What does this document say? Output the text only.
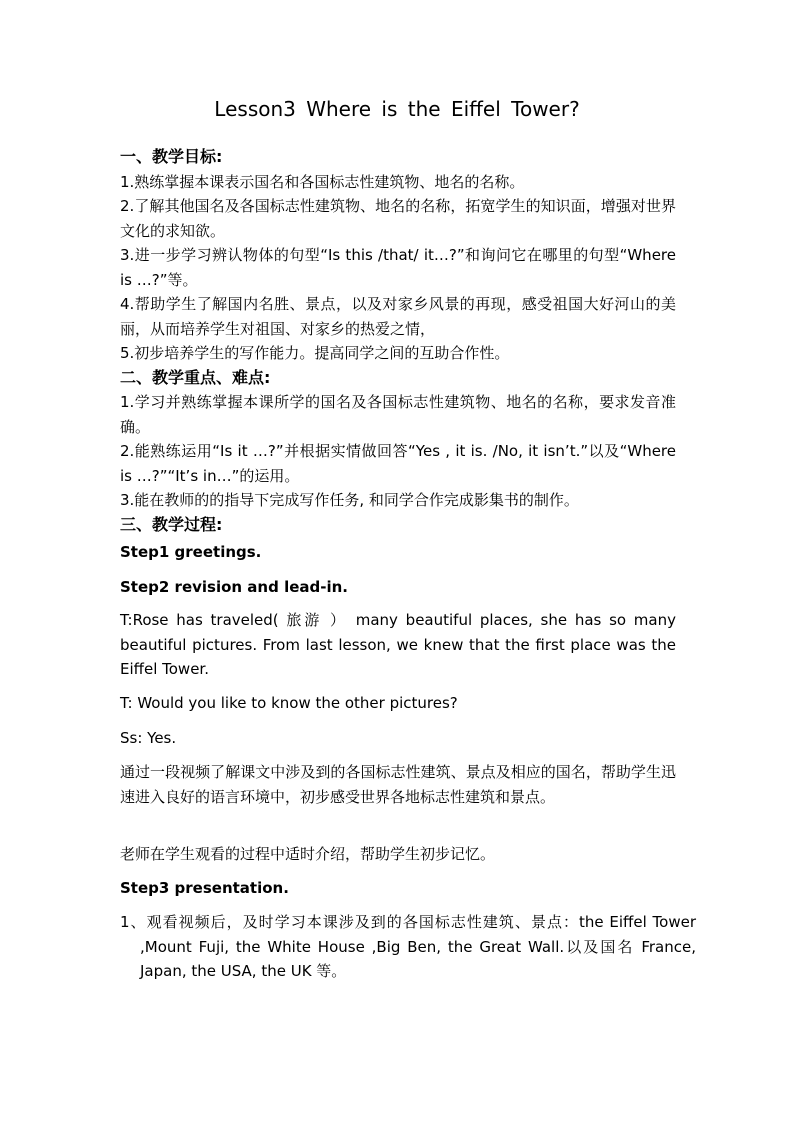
Lesson3 Where is the Eiffel Tower?

一、教学目标:

1.熟练掌握本课表示国名和各国标志性建筑物、地名的名称。

2.了解其他国名及各国标志性建筑物、地名的名称，拓宽学生的知识面，增强对世界文化的求知欲。

3.进一步学习辨认物体的句型“Is this /that/ it…?”和询问它在哪里的句型“Where is …?”等。

4.帮助学生了解国内名胜、景点，以及对家乡风景的再现，感受祖国大好河山的美丽，从而培养学生对祖国、对家乡的热爱之情，

5.初步培养学生的写作能力。提高同学之间的互助合作性。

二、教学重点、难点:

1.学习并熟练掌握本课所学的国名及各国标志性建筑物、地名的名称，要求发音准确。

2.能熟练运用“Is it …?”并根据实情做回答“Yes , it is. /No, it isn’t.”以及“Where is …?”“It’s in…”的运用。

3.能在教师的的指导下完成写作任务, 和同学合作完成影集书的制作。

三、教学过程:

Step1 greetings.
Step2 revision and lead-in.
T:Rose has traveled( 旅游 ） many beautiful places, she has so many beautiful pictures. From last lesson, we knew that the first place was the Eiffel Tower.
T: Would you like to know the other pictures?
Ss: Yes.
通过一段视频了解课文中涉及到的各国标志性建筑、景点及相应的国名，帮助学生迅速进入良好的语言环境中，初步感受世界各地标志性建筑和景点。
老师在学生观看的过程中适时介绍，帮助学生初步记忆。
Step3 presentation.
1、观看视频后，及时学习本课涉及到的各国标志性建筑、景点：the Eiffel Tower ,Mount Fuji, the White House ,Big Ben, the Great Wall.以及国名 France, Japan, the USA, the UK 等。
